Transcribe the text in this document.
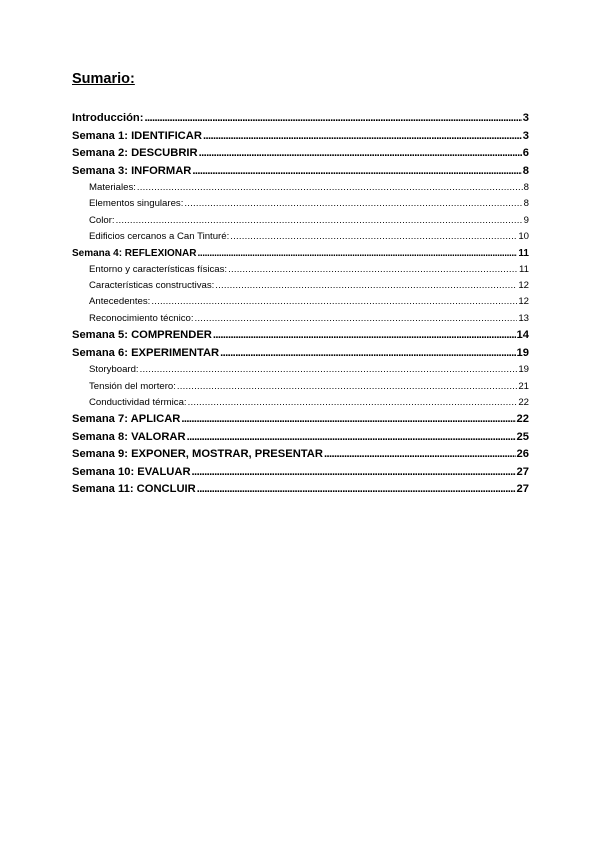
Sumario:
Introducción: .....	3
Semana 1: IDENTIFICAR .....	3
Semana 2: DESCUBRIR .....	6
Semana 3: INFORMAR .....	8
Materiales: .....	8
Elementos singulares: .....	8
Color: .....	9
Edificios cercanos a Can Tinturé: .....	10
Semana 4: REFLEXIONAR .....	11
Entorno y características físicas: .....	11
Características constructivas: .....	12
Antecedentes: .....	12
Reconocimiento técnico: .....	13
Semana 5: COMPRENDER .....	14
Semana 6: EXPERIMENTAR .....	19
Storyboard: .....	19
Tensión del mortero: .....	21
Conductividad térmica: .....	22
Semana 7: APLICAR .....	22
Semana 8: VALORAR .....	25
Semana 9: EXPONER, MOSTRAR, PRESENTAR .....	26
Semana 10: EVALUAR .....	27
Semana 11: CONCLUIR .....	27
